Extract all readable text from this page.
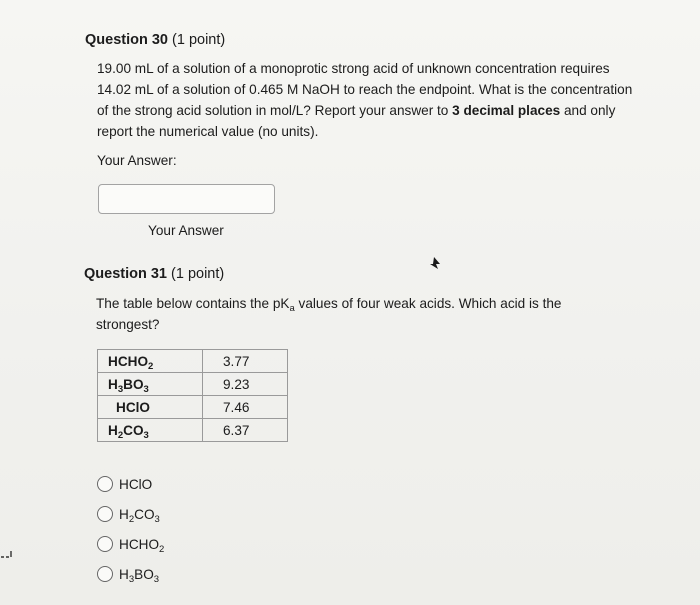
Question 30 (1 point)
19.00 mL of a solution of a monoprotic strong acid of unknown concentration requires 14.02 mL of a solution of 0.465 M NaOH to reach the endpoint. What is the concentration of the strong acid solution in mol/L? Report your answer to 3 decimal places and only report the numerical value (no units).
Your Answer:
Your Answer
Question 31 (1 point)
The table below contains the $pK_a$ values of four weak acids. Which acid is the strongest?
$HCHO_2$	3.77
$H_3BO_3$	9.23
HClO	7.46
$H_2CO_3$	6.37
HClO
$H_2CO_3$
$HCHO_2$
$H_3BO_3$
